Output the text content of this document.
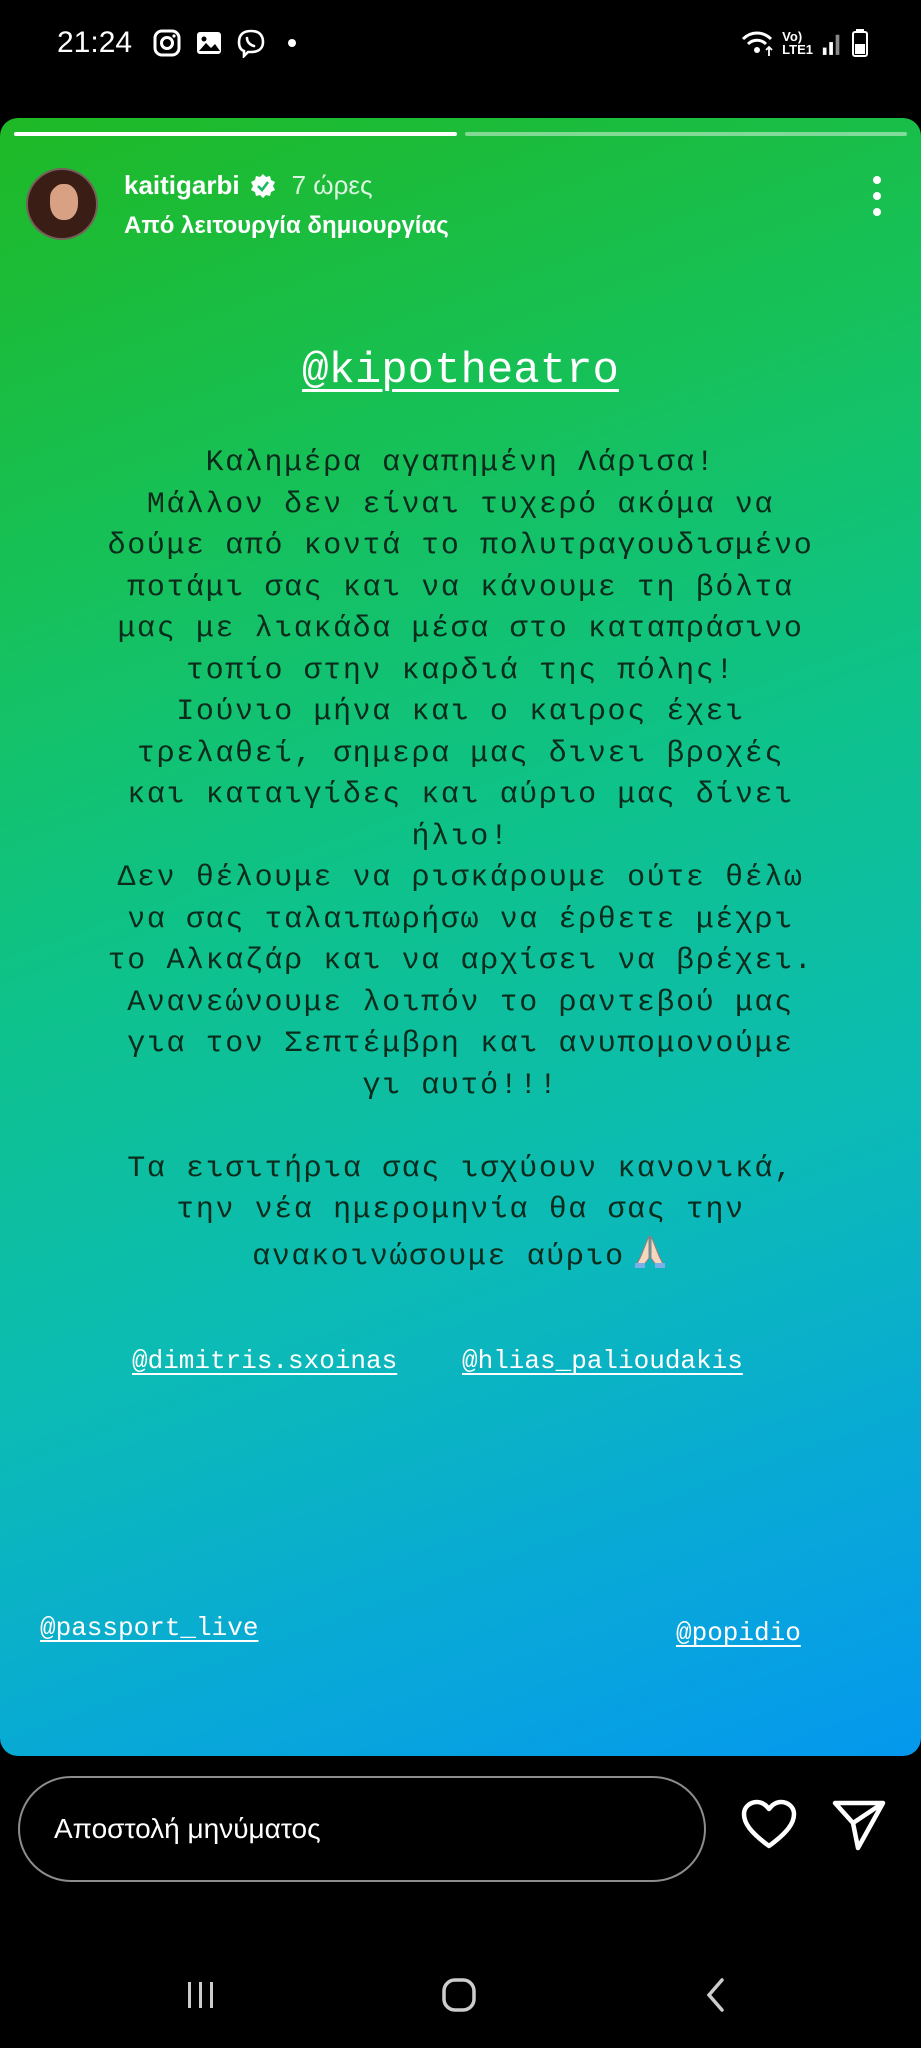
21:24	Vo)
LTE1
kaitigarbi 7 ώρες
Από λειτουργία δημιουργίας
@kipotheatro
Καλημέρα αγαπημένη Λάρισα!
Μάλλον δεν είναι τυχερό ακόμα να
δούμε από κοντά το πολυτραγουδισμένο
ποτάμι σας και να κάνουμε τη βόλτα
μας με λιακάδα μέσα στο καταπράσινο
τοπίο στην καρδιά της πόλης!
Ιούνιο μήνα και ο καιρος έχει
τρελαθεί, σημερα μας δινει βροχές
και καταιγίδες και αύριο μας δίνει
ήλιο!
Δεν θέλουμε να ρισκάρουμε ούτε θέλω
να σας ταλαιπωρήσω να έρθετε μέχρι
το Αλκαζάρ και να αρχίσει να βρέχει.
Ανανεώνουμε λοιπόν το ραντεβού μας
για τον Σεπτέμβρη και ανυπομονούμε
γι αυτό!!!
Τα εισιτήρια σας ισχύουν κανονικά,
την νέα ημερομηνία θα σας την
ανακοινώσουμε αύριο
@dimitris.sxoinas @hlias_palioudakis
@passport_live	@popidio
Αποστολή μηνύματος
